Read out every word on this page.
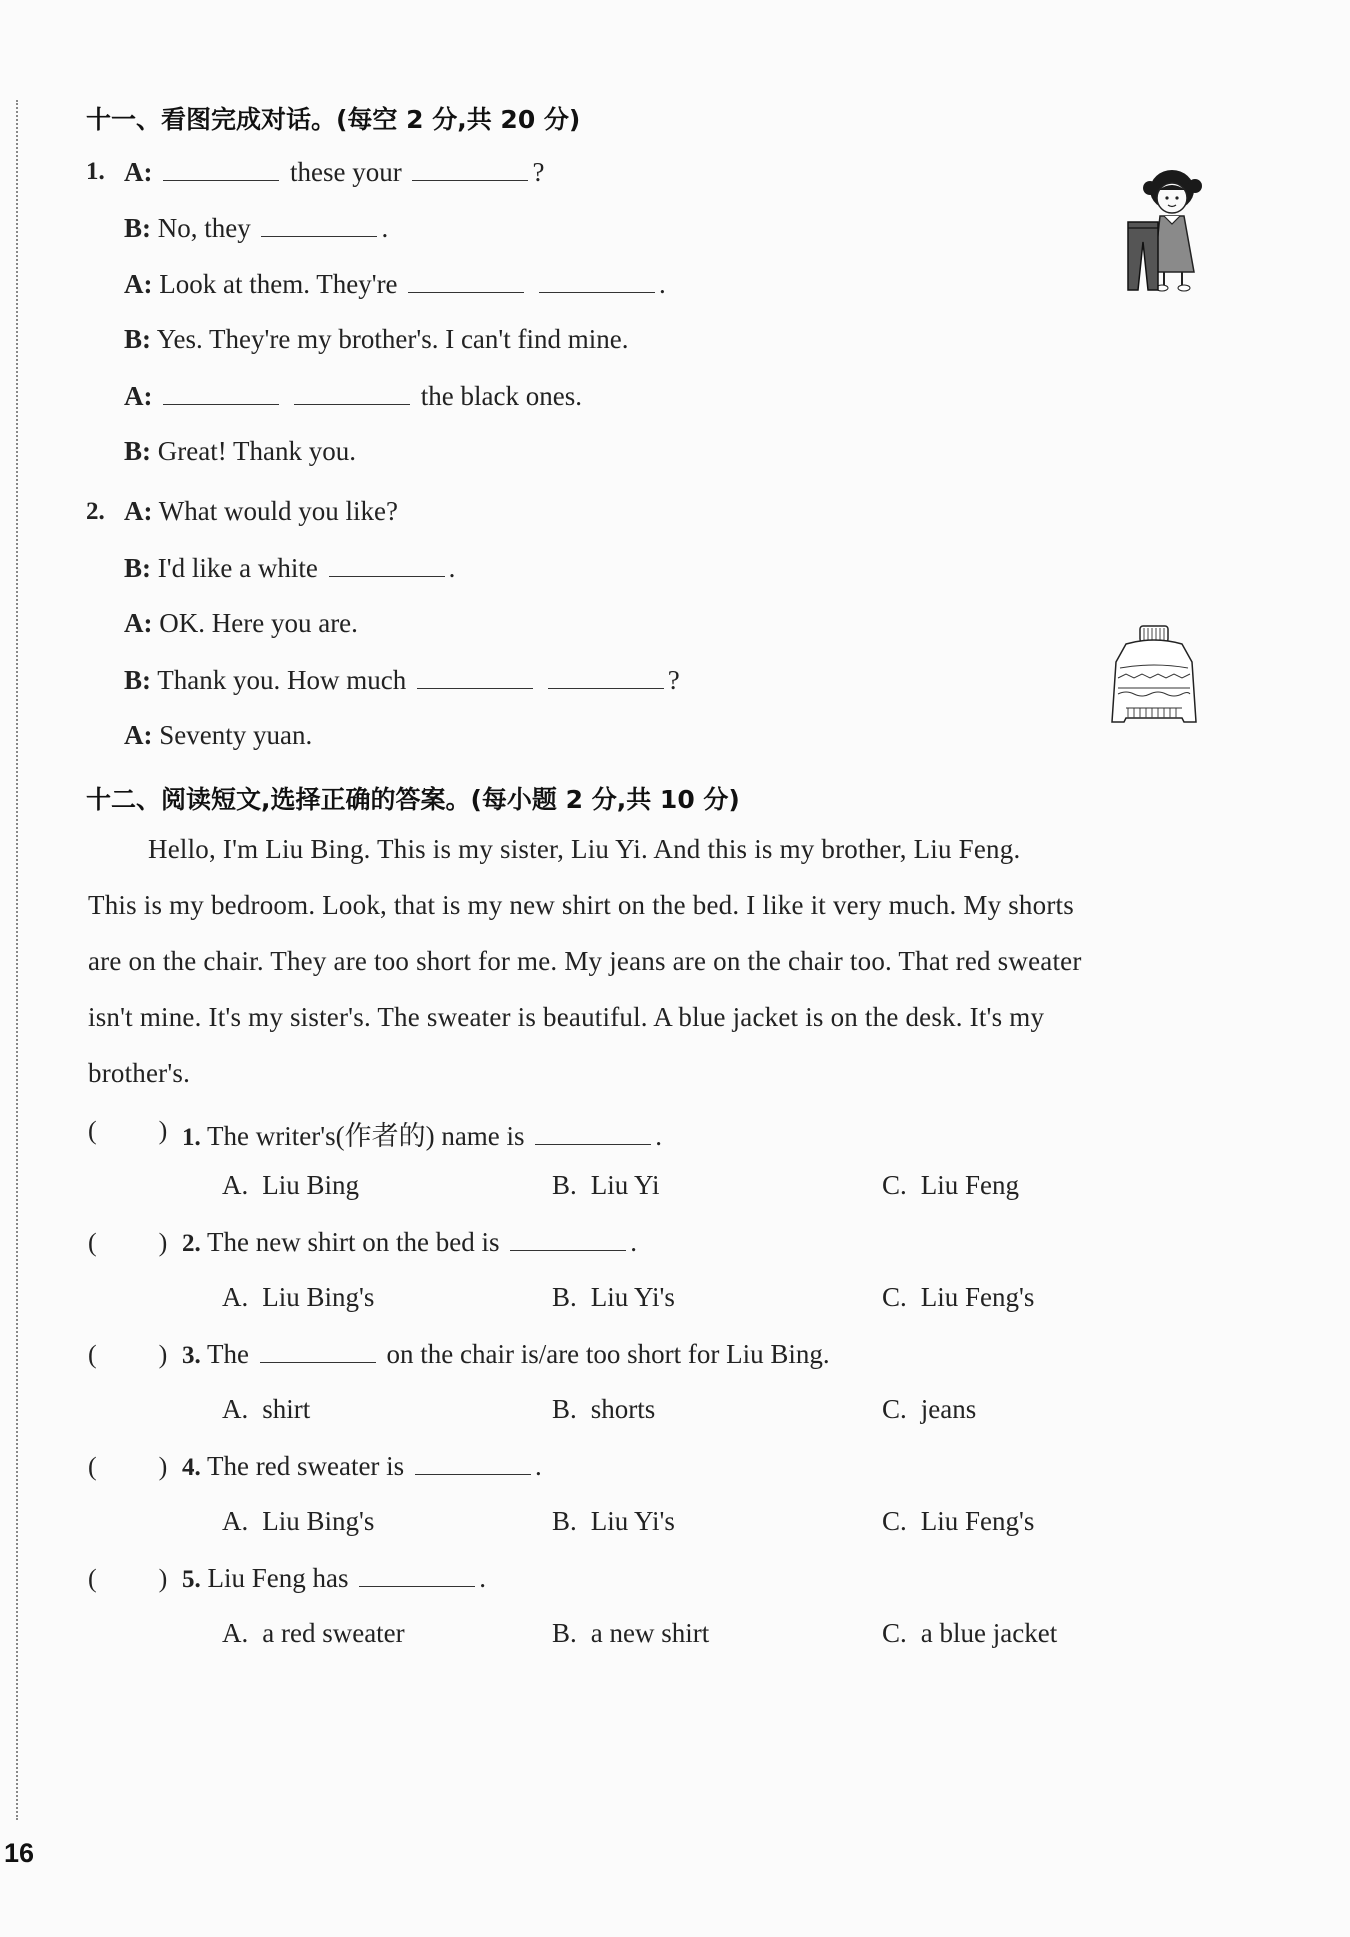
十一、看图完成对话。(每空 2 分,共 20 分)
1. A:	these your	?
B: No, they	.
A: Look at them. They're	.
B: Yes. They're my brother's. I can't find mine.
A:	the black ones.
B: Great! Thank you.
2. A: What would you like?
B: I'd like a white	.
A: OK. Here you are.
B: Thank you. How much	?
A: Seventy yuan.
十二、阅读短文,选择正确的答案。(每小题 2 分,共 10 分)
Hello, I'm Liu Bing. This is my sister, Liu Yi. And this is my brother, Liu Feng.
This is my bedroom. Look, that is my new shirt on the bed. I like it very much. My shorts
are on the chair. They are too short for me. My jeans are on the chair too. That red sweater
isn't mine. It's my sister's. The sweater is beautiful. A blue jacket is on the desk. It's my
brother's.
( ) 1. The writer's(作者的) name is	.
A. Liu Bing	B. Liu Yi	C. Liu Feng
( ) 2. The new shirt on the bed is	.
A. Liu Bing's	B. Liu Yi's	C. Liu Feng's
( ) 3. The	on the chair is/are too short for Liu Bing.
A. shirt	B. shorts	C. jeans
( ) 4. The red sweater is	.
A. Liu Bing's	B. Liu Yi's	C. Liu Feng's
( ) 5. Liu Feng has	.
A. a red sweater	B. a new shirt	C. a blue jacket
16
